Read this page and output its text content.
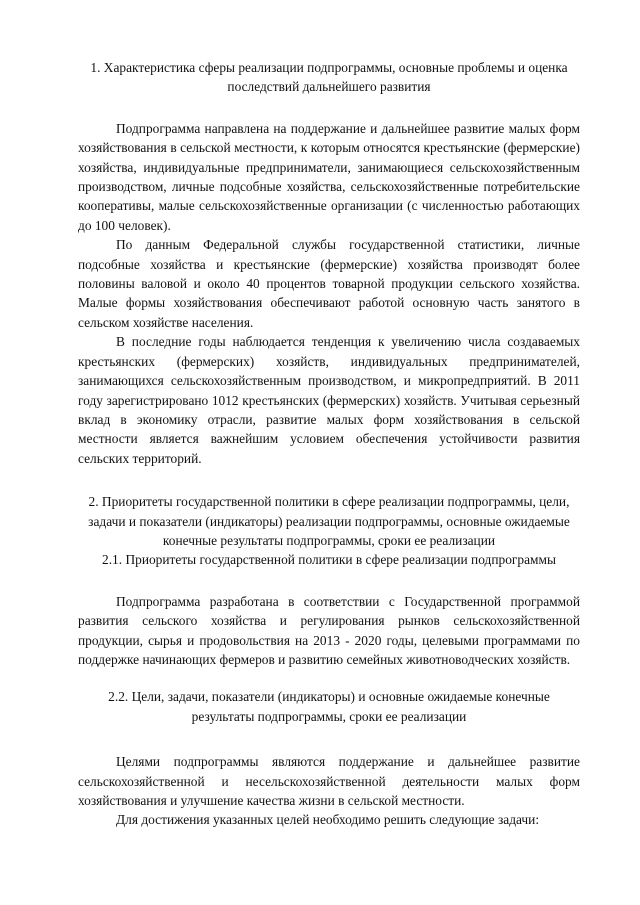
1. Характеристика сферы реализации подпрограммы, основные проблемы и оценка последствий дальнейшего развития

Подпрограмма направлена на поддержание и дальнейшее развитие малых форм хозяйствования в сельской местности, к которым относятся крестьянские (фермерские) хозяйства, индивидуальные предприниматели, занимающиеся сельскохозяйственным производством, личные подсобные хозяйства, сельскохозяйственные потребительские кооперативы, малые сельскохозяйственные организации (с численностью работающих до 100 человек).

По данным Федеральной службы государственной статистики, личные подсобные хозяйства и крестьянские (фермерские) хозяйства производят более половины валовой и около 40 процентов товарной продукции сельского хозяйства. Малые формы хозяйствования обеспечивают работой основную часть занятого в сельском хозяйстве населения.

В последние годы наблюдается тенденция к увеличению числа создаваемых крестьянских (фермерских) хозяйств, индивидуальных предпринимателей, занимающихся сельскохозяйственным производством, и микропредприятий. В 2011 году зарегистрировано 1012 крестьянских (фермерских) хозяйств. Учитывая серьезный вклад в экономику отрасли, развитие малых форм хозяйствования в сельской местности является важнейшим условием обеспечения устойчивости развития сельских территорий.

2. Приоритеты государственной политики в сфере реализации подпрограммы, цели, задачи и показатели (индикаторы) реализации подпрограммы, основные ожидаемые конечные результаты подпрограммы, сроки ее реализации

2.1. Приоритеты государственной политики в сфере реализации подпрограммы

Подпрограмма разработана в соответствии с Государственной программой развития сельского хозяйства и регулирования рынков сельскохозяйственной продукции, сырья и продовольствия на 2013 - 2020 годы, целевыми программами по поддержке начинающих фермеров и развитию семейных животноводческих хозяйств.

2.2. Цели, задачи, показатели (индикаторы) и основные ожидаемые конечные результаты подпрограммы, сроки ее реализации

Целями подпрограммы являются поддержание и дальнейшее развитие сельскохозяйственной и несельскохозяйственной деятельности малых форм хозяйствования и улучшение качества жизни в сельской местности.

Для достижения указанных целей необходимо решить следующие задачи:
